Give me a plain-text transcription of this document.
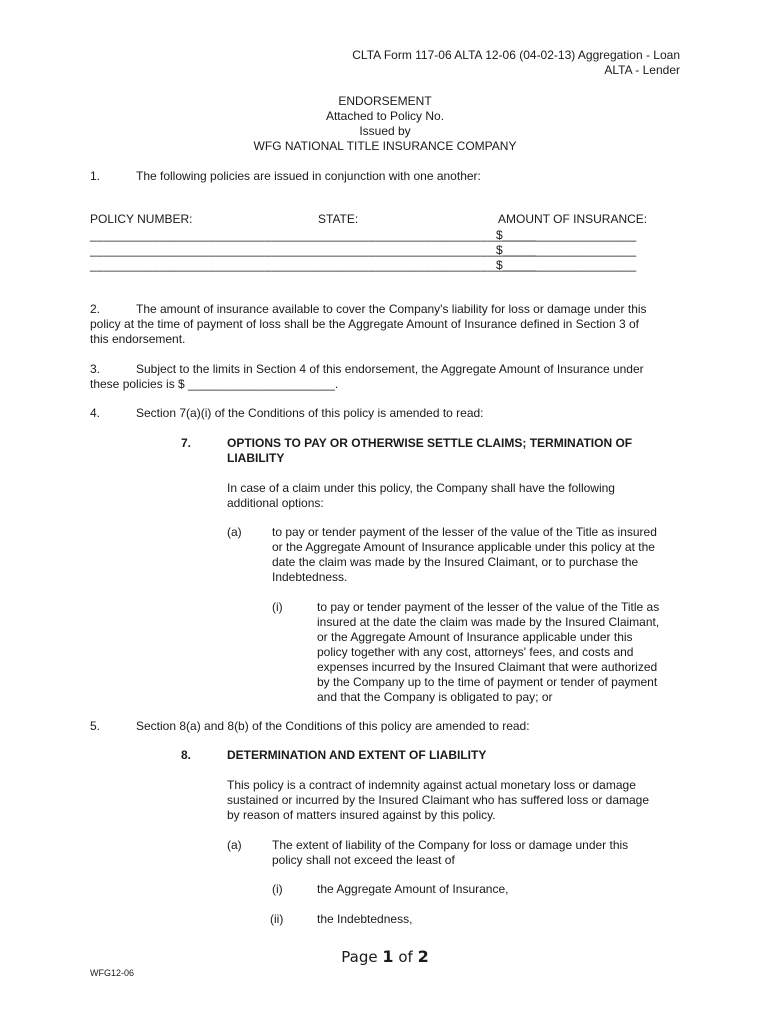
CLTA Form 117-06 ALTA 12-06 (04-02-13) Aggregation - Loan
ALTA - Lender
ENDORSEMENT
Attached to Policy No.
Issued by
WFG NATIONAL TITLE INSURANCE COMPANY
1.	The following policies are issued in conjunction with one another:
POLICY NUMBER:	STATE:	AMOUNT OF INSURANCE:
________________________________________________________________
$____________________
________________________________________________________________
$____________________
________________________________________________________________
$____________________
2.	The amount of insurance available to cover the Company's liability for loss or damage under this
policy at the time of payment of loss shall be the Aggregate Amount of Insurance defined in Section 3 of
this endorsement.
3.	Subject to the limits in Section 4 of this endorsement, the Aggregate Amount of Insurance under
these policies is $ ______________________.
4.	Section 7(a)(i) of the Conditions of this policy is amended to read:
7.	OPTIONS TO PAY OR OTHERWISE SETTLE CLAIMS; TERMINATION OF
LIABILITY
In case of a claim under this policy, the Company shall have the following
additional options:
(a)	to pay or tender payment of the lesser of the value of the Title as insured
or the Aggregate Amount of Insurance applicable under this policy at the
date the claim was made by the Insured Claimant, or to purchase the
Indebtedness.
(i)	to pay or tender payment of the lesser of the value of the Title as
insured at the date the claim was made by the Insured Claimant,
or the Aggregate Amount of Insurance applicable under this
policy together with any cost, attorneys' fees, and costs and
expenses incurred by the Insured Claimant that were authorized
by the Company up to the time of payment or tender of payment
and that the Company is obligated to pay; or
5.	Section 8(a) and 8(b) of the Conditions of this policy are amended to read:
8.	DETERMINATION AND EXTENT OF LIABILITY
This policy is a contract of indemnity against actual monetary loss or damage
sustained or incurred by the Insured Claimant who has suffered loss or damage
by reason of matters insured against by this policy.
(a)	The extent of liability of the Company for loss or damage under this
policy shall not exceed the least of
(i)	the Aggregate Amount of Insurance,
(ii)	the Indebtedness,
Page 1 of 2
WFG12-06
